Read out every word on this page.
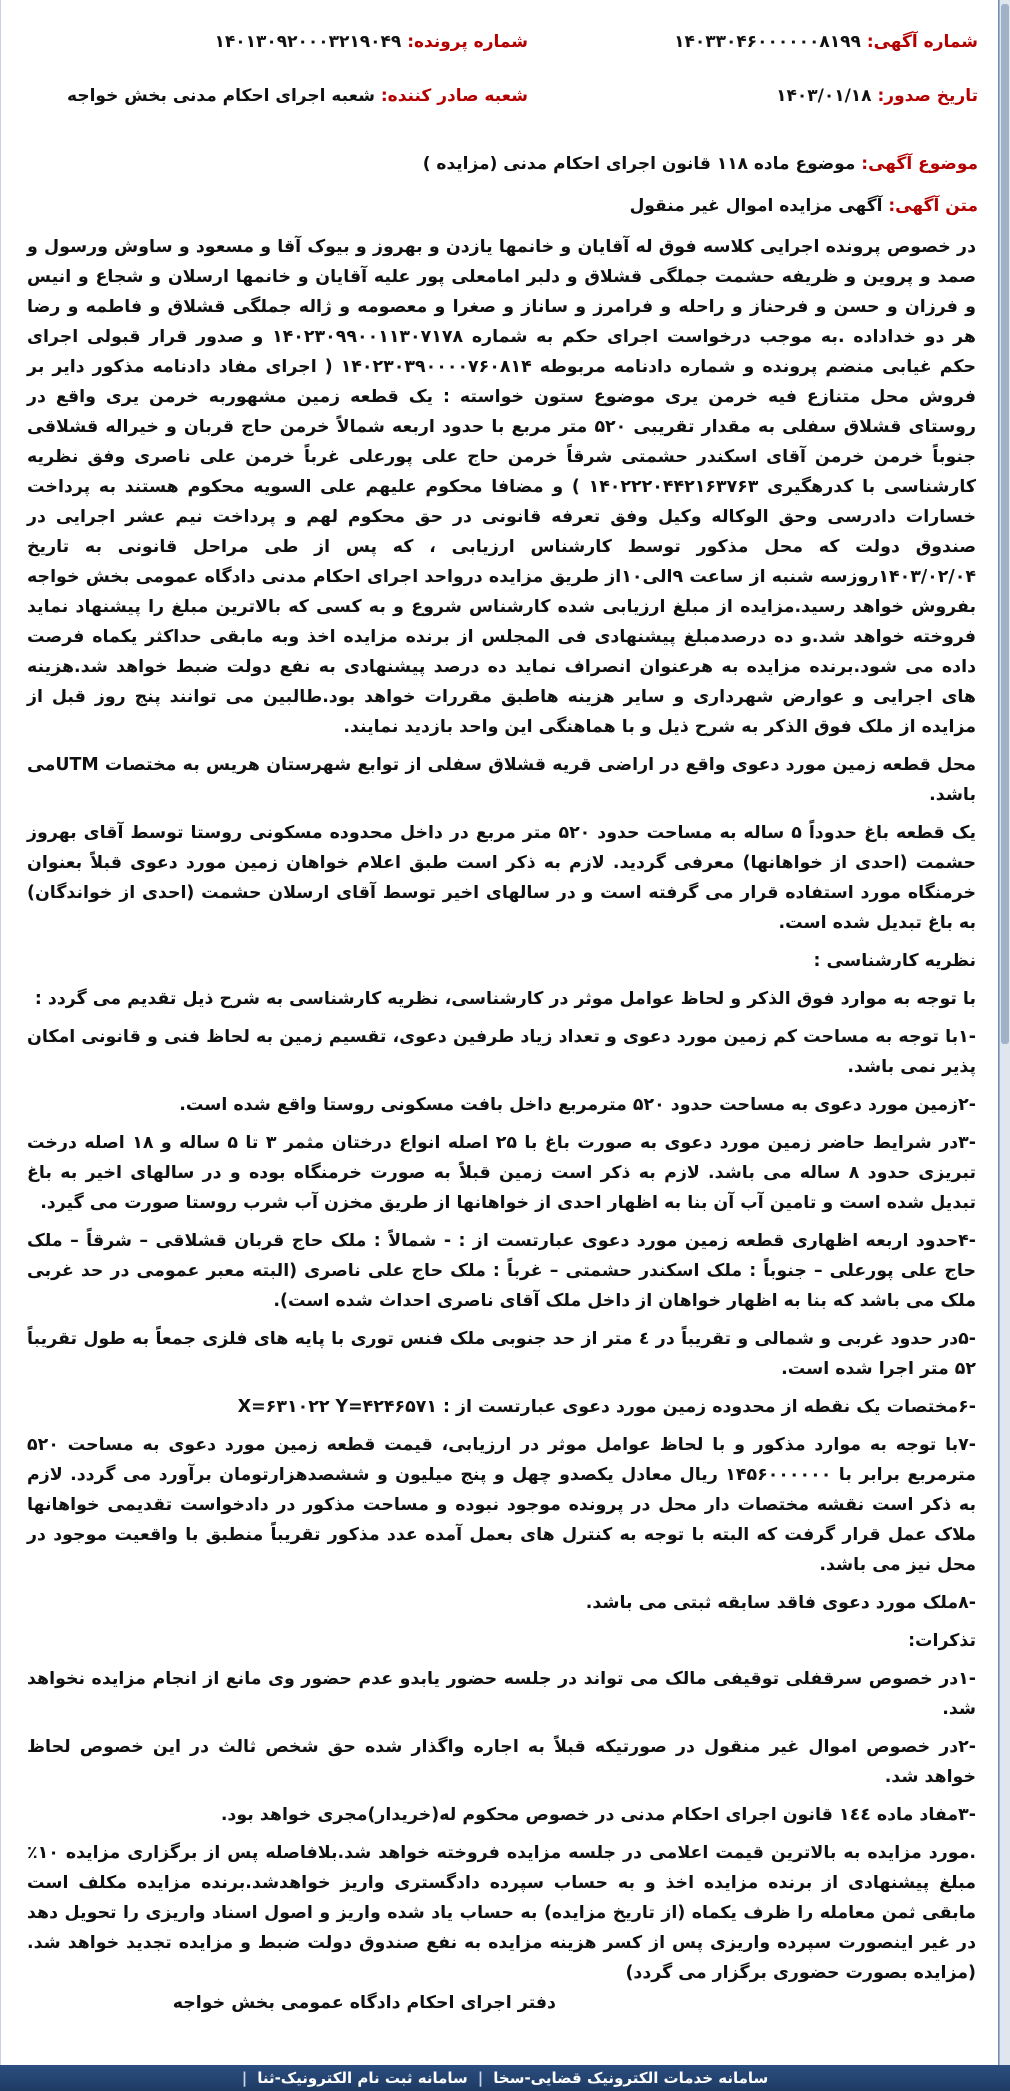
شماره آگهی: ۱۴۰۳۳۰۴۶۰۰۰۰۰۰۸۱۹۹
شماره پرونده: ۱۴۰۱۳۰۹۲۰۰۰۳۲۱۹۰۴۹
تاریخ صدور: ۱۴۰۳/۰۱/۱۸
شعبه صادر کننده: شعبه اجرای احکام مدنی بخش خواجه
موضوع آگهی: موضوع ماده ۱۱۸ قانون اجرای احکام مدنی (مزایده )
متن آگهی: آگهی مزایده اموال غیر منقول

در خصوص پرونده اجرایی کلاسه فوق له آقایان و خانمها یازدن و بهروز و بیوک آقا و مسعود و ساوش ورسول و صمد و پروین و ظریفه حشمت جملگی قشلاق و دلبر امامعلی پور علیه آقایان و خانمها ارسلان و شجاع و انیس و فرزان و حسن و فرحناز و راحله و فرامرز و ساناز و صغرا و معصومه و ژاله جملگی قشلاق و فاطمه و رضا هر دو خداداده .به موجب درخواست اجرای حکم به شماره ۱۴۰۲۳۰۹۹۰۰۱۱۳۰۷۱۷۸ و صدور قرار قبولی اجرای حکم غیابی منضم پرونده و شماره دادنامه مربوطه ۱۴۰۲۳۰۳۹۰۰۰۰۷۶۰۸۱۴ ( اجرای مفاد دادنامه مذکور دایر بر فروش محل متنازع فیه خرمن یری موضوع ستون خواسته : یک قطعه زمین مشهوربه خرمن یری واقع در روستای قشلاق سفلی به مقدار تقریبی ۵۲۰ متر مربع با حدود اربعه شمالاً خرمن حاج قربان و خیراله قشلاقی جنوباً خرمن خرمن آقای اسکندر حشمتی شرقاً خرمن حاج علی پورعلی غرباً خرمن علی ناصری وفق نظریه کارشناسی با کدرهگیری ۱۴۰۲۲۲۰۴۴۲۱۶۳۷۶۳ ) و مضافا محکوم علیهم علی السویه محکوم هستند به پرداخت خسارات دادرسی وحق الوکاله وکیل وفق تعرفه قانونی در حق محکوم لهم و پرداخت نیم عشر اجرایی در صندوق دولت که محل مذکور توسط کارشناس ارزیابی ، که پس از طی مراحل قانونی به تاریخ ۱۴۰۳/۰۲/۰۴روزسه شنبه از ساعت ۹الی۱۰از طریق مزایده درواحد اجرای احکام مدنی دادگاه عمومی بخش خواجه بفروش خواهد رسید.مزایده از مبلغ ارزیابی شده کارشناس شروع و به کسی که بالاترین مبلغ را پیشنهاد نماید فروخته خواهد شد.و ده درصدمبلغ پیشنهادی فی المجلس از برنده مزایده اخذ وبه مابقی حداکثر یکماه فرصت داده می شود.برنده مزایده به هرعنوان انصراف نماید ده درصد پیشنهادی به نفع دولت ضبط خواهد شد.هزینه های اجرایی و عوارض شهرداری و سایر هزینه هاطبق مقررات خواهد بود.طالبین می توانند پنج روز قبل از مزایده از ملک فوق الذکر به شرح ذیل و با هماهنگی این واحد بازدید نمایند.

محل قطعه زمین مورد دعوی واقع در اراضی قریه قشلاق سفلی از توابع شهرستان هریس به مختصات UTMمی باشد.

یک قطعه باغ حدوداً ۵ ساله به مساحت حدود ۵۲۰ متر مربع در داخل محدوده مسکونی روستا توسط آقای بهروز حشمت (احدی از خواهانها) معرفی گردید. لازم به ذکر است طبق اعلام خواهان زمین مورد دعوی قبلاً بعنوان خرمنگاه مورد استفاده قرار می گرفته است و در سالهای اخیر توسط آقای ارسلان حشمت (احدی از خواندگان) به باغ تبدیل شده است.

نظریه کارشناسی :

با توجه به موارد فوق الذکر و لحاظ عوامل موثر در کارشناسی، نظریه کارشناسی به شرح ذیل تقدیم می گردد :

-۱با توجه به مساحت کم زمین مورد دعوی و تعداد زیاد طرفین دعوی، تقسیم زمین به لحاظ فنی و قانونی امکان پذیر نمی باشد.

-۲زمین مورد دعوی به مساحت حدود ۵۲۰ مترمربع داخل بافت مسکونی روستا واقع شده است.

-۳در شرایط حاضر زمین مورد دعوی به صورت باغ با ۲۵ اصله انواع درختان مثمر ۳ تا ۵ ساله و ۱۸ اصله درخت تبریزی حدود ۸ ساله می باشد. لازم به ذکر است زمین قبلاً به صورت خرمنگاه بوده و در سالهای اخیر به باغ تبدیل شده است و تامین آب آن بنا به اظهار احدی از خواهانها از طریق مخزن آب شرب روستا صورت می گیرد.

-۴حدود اربعه اظهاری قطعه زمین مورد دعوی عبارتست از : - شمالاً : ملک حاج قربان قشلاقی – شرقاً – ملک حاج علی پورعلی – جنوباً : ملک اسکندر حشمتی – غرباً : ملک حاج علی ناصری (البته معبر عمومی در حد غربی ملک می باشد که بنا به اظهار خواهان از داخل ملک آقای ناصری احداث شده است).

-۵در حدود غربی و شمالی و تقریباً در ٤ متر از حد جنوبی ملک فنس توری با پایه های فلزی جمعاً به طول تقریباً ۵۲ متر اجرا شده است.

-۶مختصات یک نقطه از محدوده زمین مورد دعوی عبارتست از : X=۶۳۱۰۲۲ Y=۴۲۴۶۵۷۱

-۷با توجه به موارد مذکور و با لحاظ عوامل موثر در ارزیابی، قیمت قطعه زمین مورد دعوی به مساحت ۵۲۰ مترمربع برابر با ۱۴۵۶۰۰۰۰۰۰ ریال معادل یکصدو چهل و پنج میلیون و ششصدهزارتومان برآورد می گردد. لازم به ذکر است نقشه مختصات دار محل در پرونده موجود نبوده و مساحت مذکور در دادخواست تقدیمی خواهانها ملاک عمل قرار گرفت که البته با توجه به کنترل های بعمل آمده عدد مذکور تقریباً منطبق با واقعیت موجود در محل نیز می باشد.

-۸ملک مورد دعوی فاقد سابقه ثبتی می باشد.

تذکرات:

-۱در خصوص سرقفلی توقیفی مالک می تواند در جلسه حضور یابدو عدم حضور وی مانع از انجام مزایده نخواهد شد.

-۲در خصوص اموال غیر منقول در صورتیکه قبلاً به اجاره واگذار شده حق شخص ثالث در این خصوص لحاظ خواهد شد.

-۳مفاد ماده ۱٤٤ قانون اجرای احکام مدنی در خصوص محکوم له(خریدار)مجری خواهد بود.

.مورد مزایده به بالاترین قیمت اعلامی در جلسه مزایده فروخته خواهد شد.بلافاصله پس از برگزاری مزایده ۱۰٪ مبلغ پیشنهادی از برنده مزایده اخذ و به حساب سپرده دادگستری واریز خواهدشد.برنده مزایده مکلف است مابقی ثمن معامله را ظرف یکماه (از تاریخ مزایده) به حساب یاد شده واریز و اصول اسناد واریزی را تحویل دهد در غیر اینصورت سپرده واریزی پس از کسر هزینه مزایده به نفع صندوق دولت ضبط و مزایده تجدید خواهد شد.(مزایده بصورت حضوری برگزار می گردد)

دفتر اجرای احکام دادگاه عمومی بخش خواجه

سامانه خدمات الکترونیک قضایی-سخا
|
سامانه ثبت نام الکترونیک-ثنا
|
